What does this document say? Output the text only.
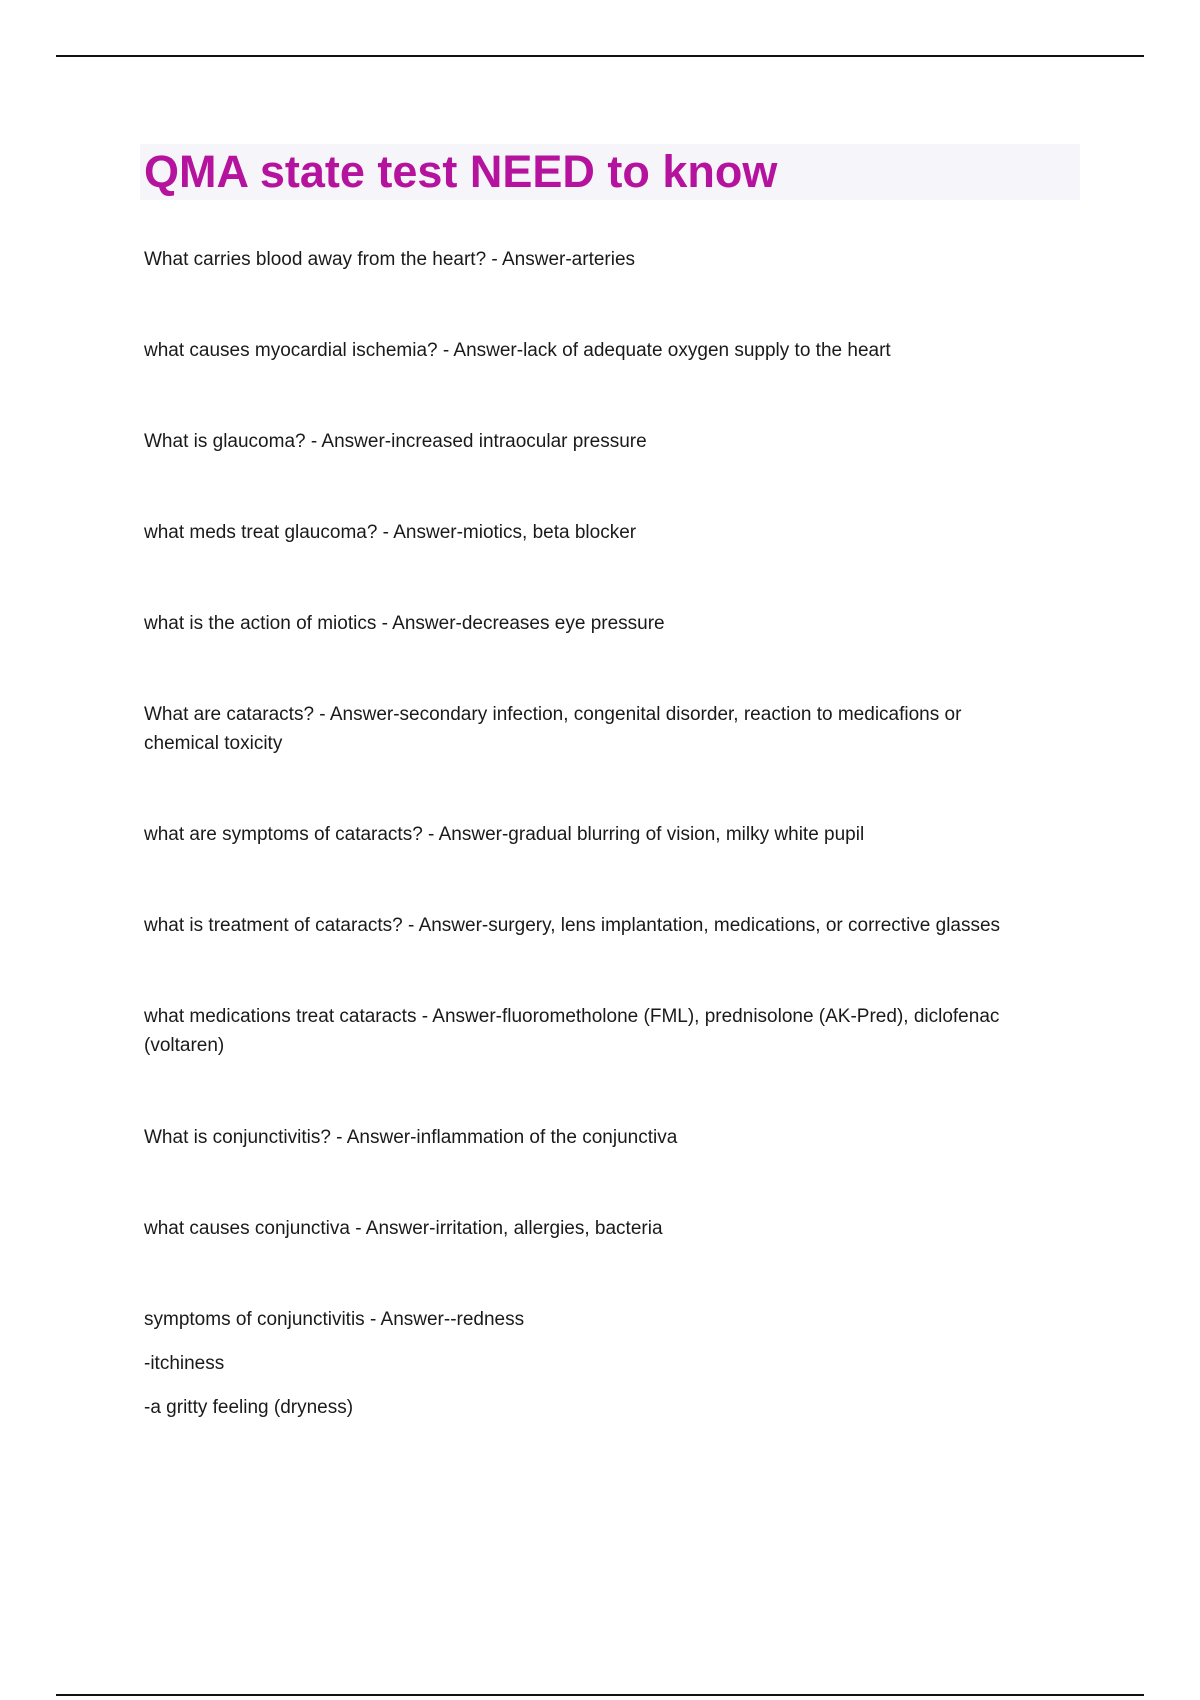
QMA state test NEED to know

What carries blood away from the heart? - Answer-arteries

what causes myocardial ischemia? - Answer-lack of adequate oxygen supply to the heart

What is glaucoma? - Answer-increased intraocular pressure

what meds treat glaucoma? - Answer-miotics, beta blocker

what is the action of miotics - Answer-decreases eye pressure

What are cataracts? - Answer-secondary infection, congenital disorder, reaction to medicafions or
chemical toxicity

what are symptoms of cataracts? - Answer-gradual blurring of vision, milky white pupil

what is treatment of cataracts? - Answer-surgery, lens implantation, medications, or corrective glasses

what medications treat cataracts - Answer-fluorometholone (FML), prednisolone (AK-Pred), diclofenac
(voltaren)

What is conjunctivitis? - Answer-inflammation of the conjunctiva

what causes conjunctiva - Answer-irritation, allergies, bacteria

symptoms of conjunctivitis - Answer--redness
-itchiness
-a gritty feeling (dryness)
